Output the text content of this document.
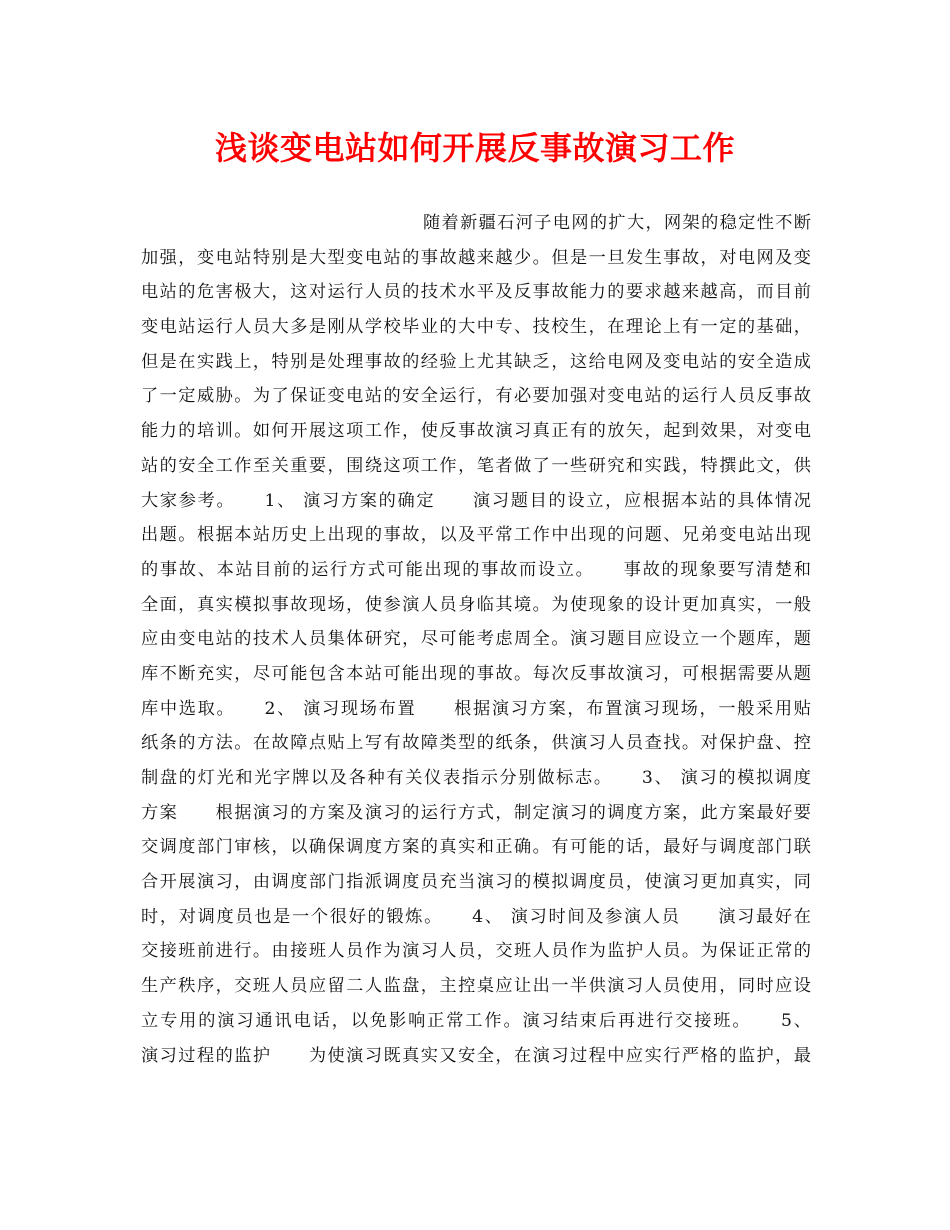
浅谈变电站如何开展反事故演习工作
随着新疆石河子电网的扩大，网架的稳定性不断
加强，变电站特别是大型变电站的事故越来越少。但是一旦发生事故，对电网及变
电站的危害极大，这对运行人员的技术水平及反事故能力的要求越来越高，而目前
变电站运行人员大多是刚从学校毕业的大中专、技校生，在理论上有一定的基础，
但是在实践上，特别是处理事故的经验上尤其缺乏，这给电网及变电站的安全造成
了一定威胁。为了保证变电站的安全运行，有必要加强对变电站的运行人员反事故
能力的培训。如何开展这项工作，使反事故演习真正有的放矢，起到效果，对变电
站的安全工作至关重要，围绕这项工作，笔者做了一些研究和实践，特撰此文，供
大家参考。　　1、 演习方案的确定　　演习题目的设立，应根据本站的具体情况
出题。根据本站历史上出现的事故，以及平常工作中出现的问题、兄弟变电站出现
的事故、本站目前的运行方式可能出现的事故而设立。　　事故的现象要写清楚和
全面，真实模拟事故现场，使参演人员身临其境。为使现象的设计更加真实，一般
应由变电站的技术人员集体研究，尽可能考虑周全。演习题目应设立一个题库，题
库不断充实，尽可能包含本站可能出现的事故。每次反事故演习，可根据需要从题
库中选取。　　2、 演习现场布置　　根据演习方案，布置演习现场，一般采用贴
纸条的方法。在故障点贴上写有故障类型的纸条，供演习人员查找。对保护盘、控
制盘的灯光和光字牌以及各种有关仪表指示分别做标志。　　3、 演习的模拟调度
方案　　根据演习的方案及演习的运行方式，制定演习的调度方案，此方案最好要
交调度部门审核，以确保调度方案的真实和正确。有可能的话，最好与调度部门联
合开展演习，由调度部门指派调度员充当演习的模拟调度员，使演习更加真实，同
时，对调度员也是一个很好的锻炼。　　4、 演习时间及参演人员　　演习最好在
交接班前进行。由接班人员作为演习人员，交班人员作为监护人员。为保证正常的
生产秩序，交班人员应留二人监盘，主控桌应让出一半供演习人员使用，同时应设
立专用的演习通讯电话，以免影响正常工作。演习结束后再进行交接班。　　5、
演习过程的监护　　为使演习既真实又安全，在演习过程中应实行严格的监护，最
